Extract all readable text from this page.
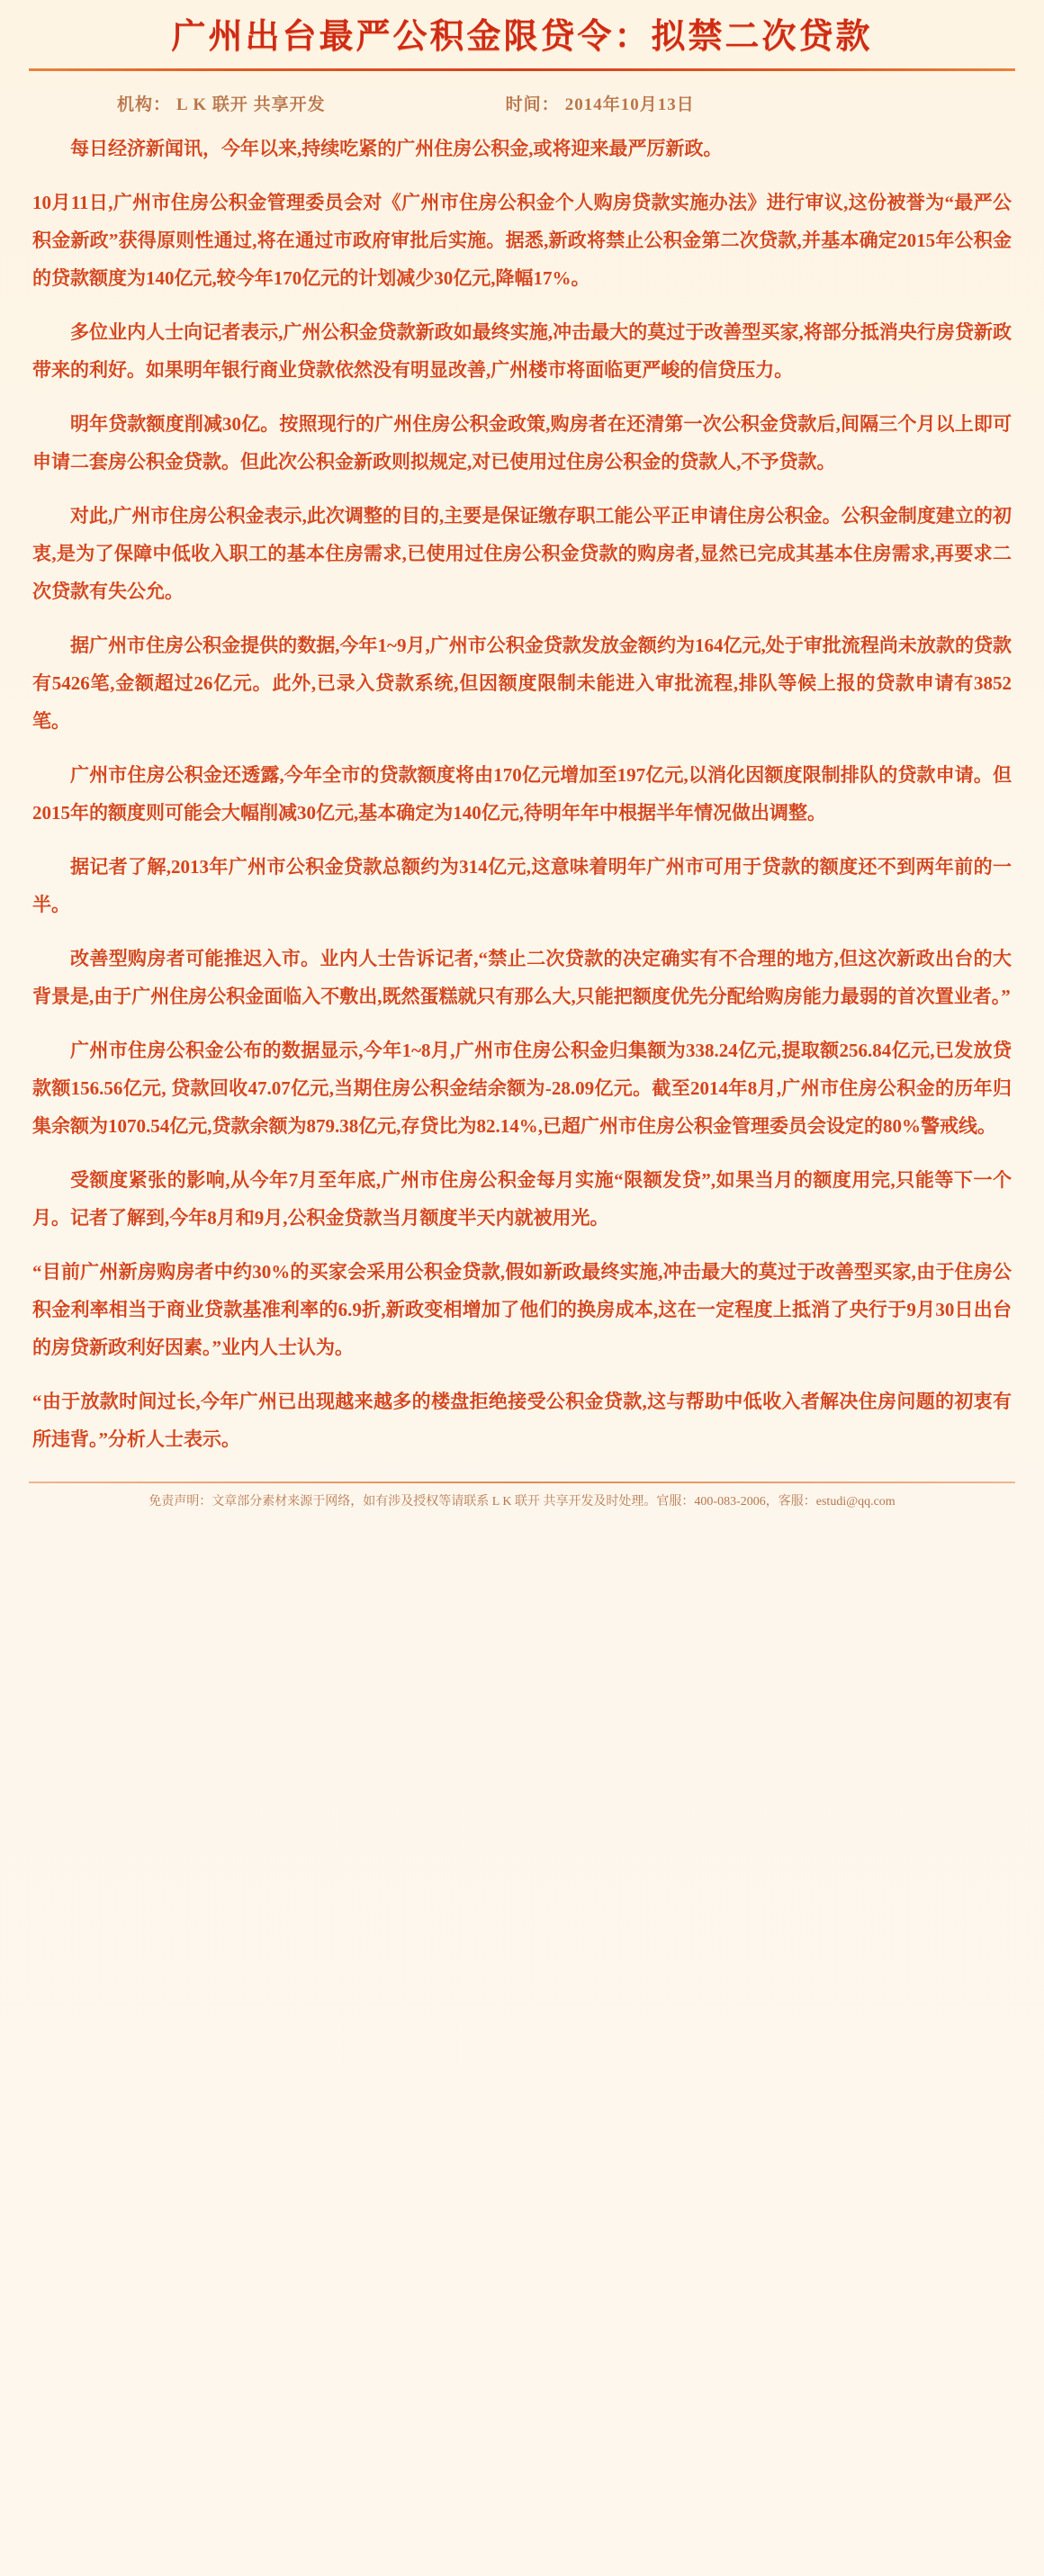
广州出台最严公积金限贷令：拟禁二次贷款
机构： L K 联开 共享开发	时间： 2014年10月13日

每日经济新闻讯，今年以来,持续吃紧的广州住房公积金,或将迎来最严厉新政。

10月11日,广州市住房公积金管理委员会对《广州市住房公积金个人购房贷款实施办法》进行审议,这份被誉为“最严公积金新政”获得原则性通过,将在通过市政府审批后实施。据悉,新政将禁止公积金第二次贷款,并基本确定2015年公积金的贷款额度为140亿元,较今年170亿元的计划减少30亿元,降幅17%。

多位业内人士向记者表示,广州公积金贷款新政如最终实施,冲击最大的莫过于改善型买家,将部分抵消央行房贷新政带来的利好。如果明年银行商业贷款依然没有明显改善,广州楼市将面临更严峻的信贷压力。

明年贷款额度削减30亿。按照现行的广州住房公积金政策,购房者在还清第一次公积金贷款后,间隔三个月以上即可申请二套房公积金贷款。但此次公积金新政则拟规定,对已使用过住房公积金的贷款人,不予贷款。

对此,广州市住房公积金表示,此次调整的目的,主要是保证缴存职工能公平正申请住房公积金。公积金制度建立的初衷,是为了保障中低收入职工的基本住房需求,已使用过住房公积金贷款的购房者,显然已完成其基本住房需求,再要求二次贷款有失公允。

据广州市住房公积金提供的数据,今年1~9月,广州市公积金贷款发放金额约为164亿元,处于审批流程尚未放款的贷款有5426笔,金额超过26亿元。此外,已录入贷款系统,但因额度限制未能进入审批流程,排队等候上报的贷款申请有3852笔。

广州市住房公积金还透露,今年全市的贷款额度将由170亿元增加至197亿元,以消化因额度限制排队的贷款申请。但2015年的额度则可能会大幅削减30亿元,基本确定为140亿元,待明年年中根据半年情况做出调整。

据记者了解,2013年广州市公积金贷款总额约为314亿元,这意味着明年广州市可用于贷款的额度还不到两年前的一半。

改善型购房者可能推迟入市。业内人士告诉记者,“禁止二次贷款的决定确实有不合理的地方,但这次新政出台的大背景是,由于广州住房公积金面临入不敷出,既然蛋糕就只有那么大,只能把额度优先分配给购房能力最弱的首次置业者。”

广州市住房公积金公布的数据显示,今年1~8月,广州市住房公积金归集额为338.24亿元,提取额256.84亿元,已发放贷款额156.56亿元, 贷款回收47.07亿元,当期住房公积金结余额为-28.09亿元。截至2014年8月,广州市住房公积金的历年归集余额为1070.54亿元,贷款余额为879.38亿元,存贷比为82.14%,已超广州市住房公积金管理委员会设定的80%警戒线。

受额度紧张的影响,从今年7月至年底,广州市住房公积金每月实施“限额发贷”,如果当月的额度用完,只能等下一个月。记者了解到,今年8月和9月,公积金贷款当月额度半天内就被用光。

“目前广州新房购房者中约30%的买家会采用公积金贷款,假如新政最终实施,冲击最大的莫过于改善型买家,由于住房公积金利率相当于商业贷款基准利率的6.9折,新政变相增加了他们的换房成本,这在一定程度上抵消了央行于9月30日出台的房贷新政利好因素。”业内人士认为。

“由于放款时间过长,今年广州已出现越来越多的楼盘拒绝接受公积金贷款,这与帮助中低收入者解决住房问题的初衷有所违背。”分析人士表示。

免责声明：文章部分素材来源于网络，如有涉及授权等请联系 L K 联开 共享开发及时处理。官服：400-083-2006，客服：estudi@qq.com
